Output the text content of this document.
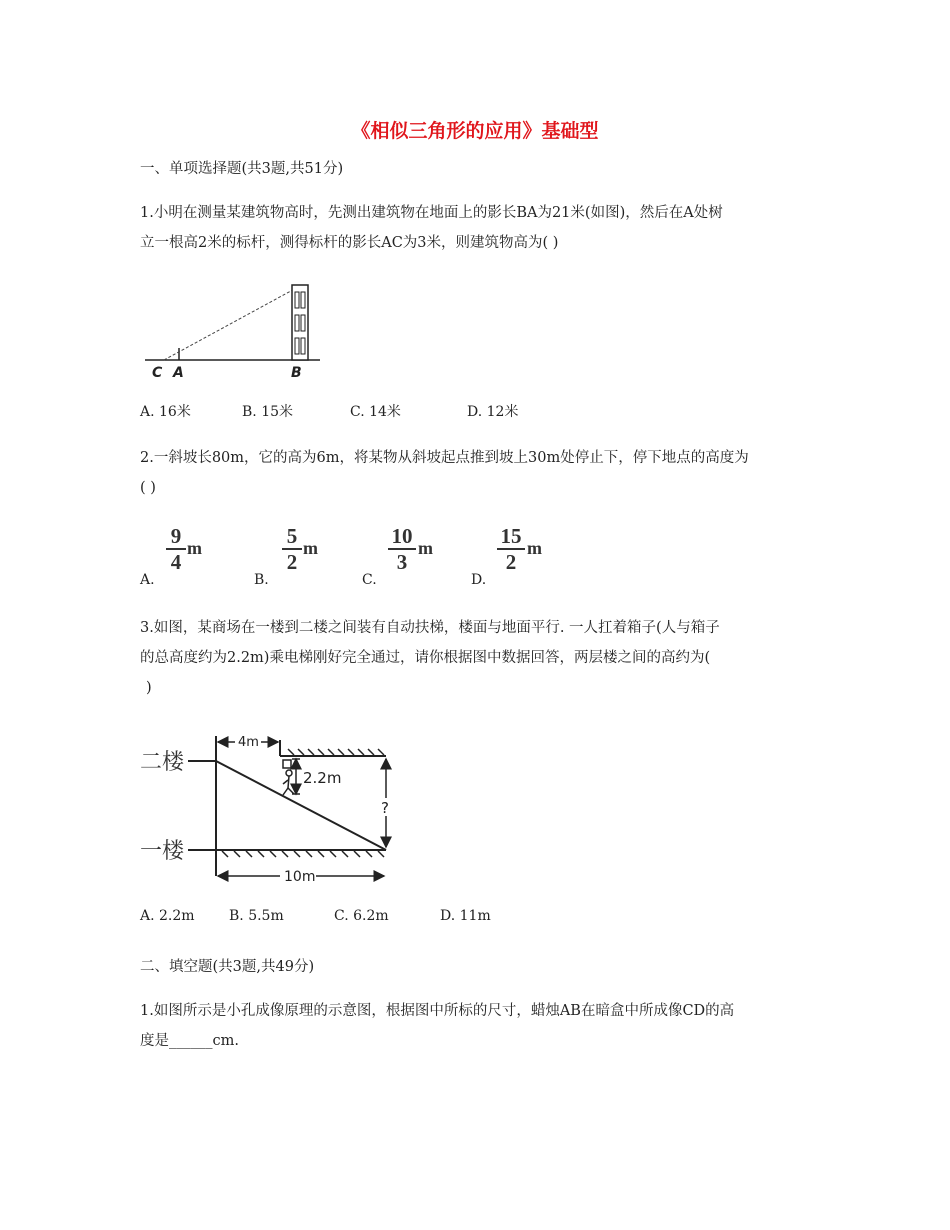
《相似三角形的应用》基础型
一、单项选择题(共3题,共51分)
1.小明在测量某建筑物高时，先测出建筑物在地面上的影长BA为21米(如图)，然后在A处树
立一根高2米的标杆，测得标杆的影长AC为3米，则建筑物高为( )
C A	B
A. 16米	B. 15米	C. 14米	D. 12米
2.一斜坡长80m，它的高为6m，将某物从斜坡起点推到坡上30m处停止下，停下地点的高度为
( )
A.
9
4
m
B.
5
2
m
C.
10
3
m
D.
15
2
m
3.如图，某商场在一楼到二楼之间装有自动扶梯，楼面与地面平行. 一人扛着箱子(人与箱子
的总高度约为2.2m)乘电梯刚好完全通过，请你根据图中数据回答，两层楼之间的高约为(
)
4m
2.2m
?
10m
二楼
一楼
A. 2.2m B. 5.5m	C. 6.2m	D. 11m
二、填空题(共3题,共49分)
1.如图所示是小孔成像原理的示意图，根据图中所标的尺寸，蜡烛AB在暗盒中所成像CD的高
度是______cm.
